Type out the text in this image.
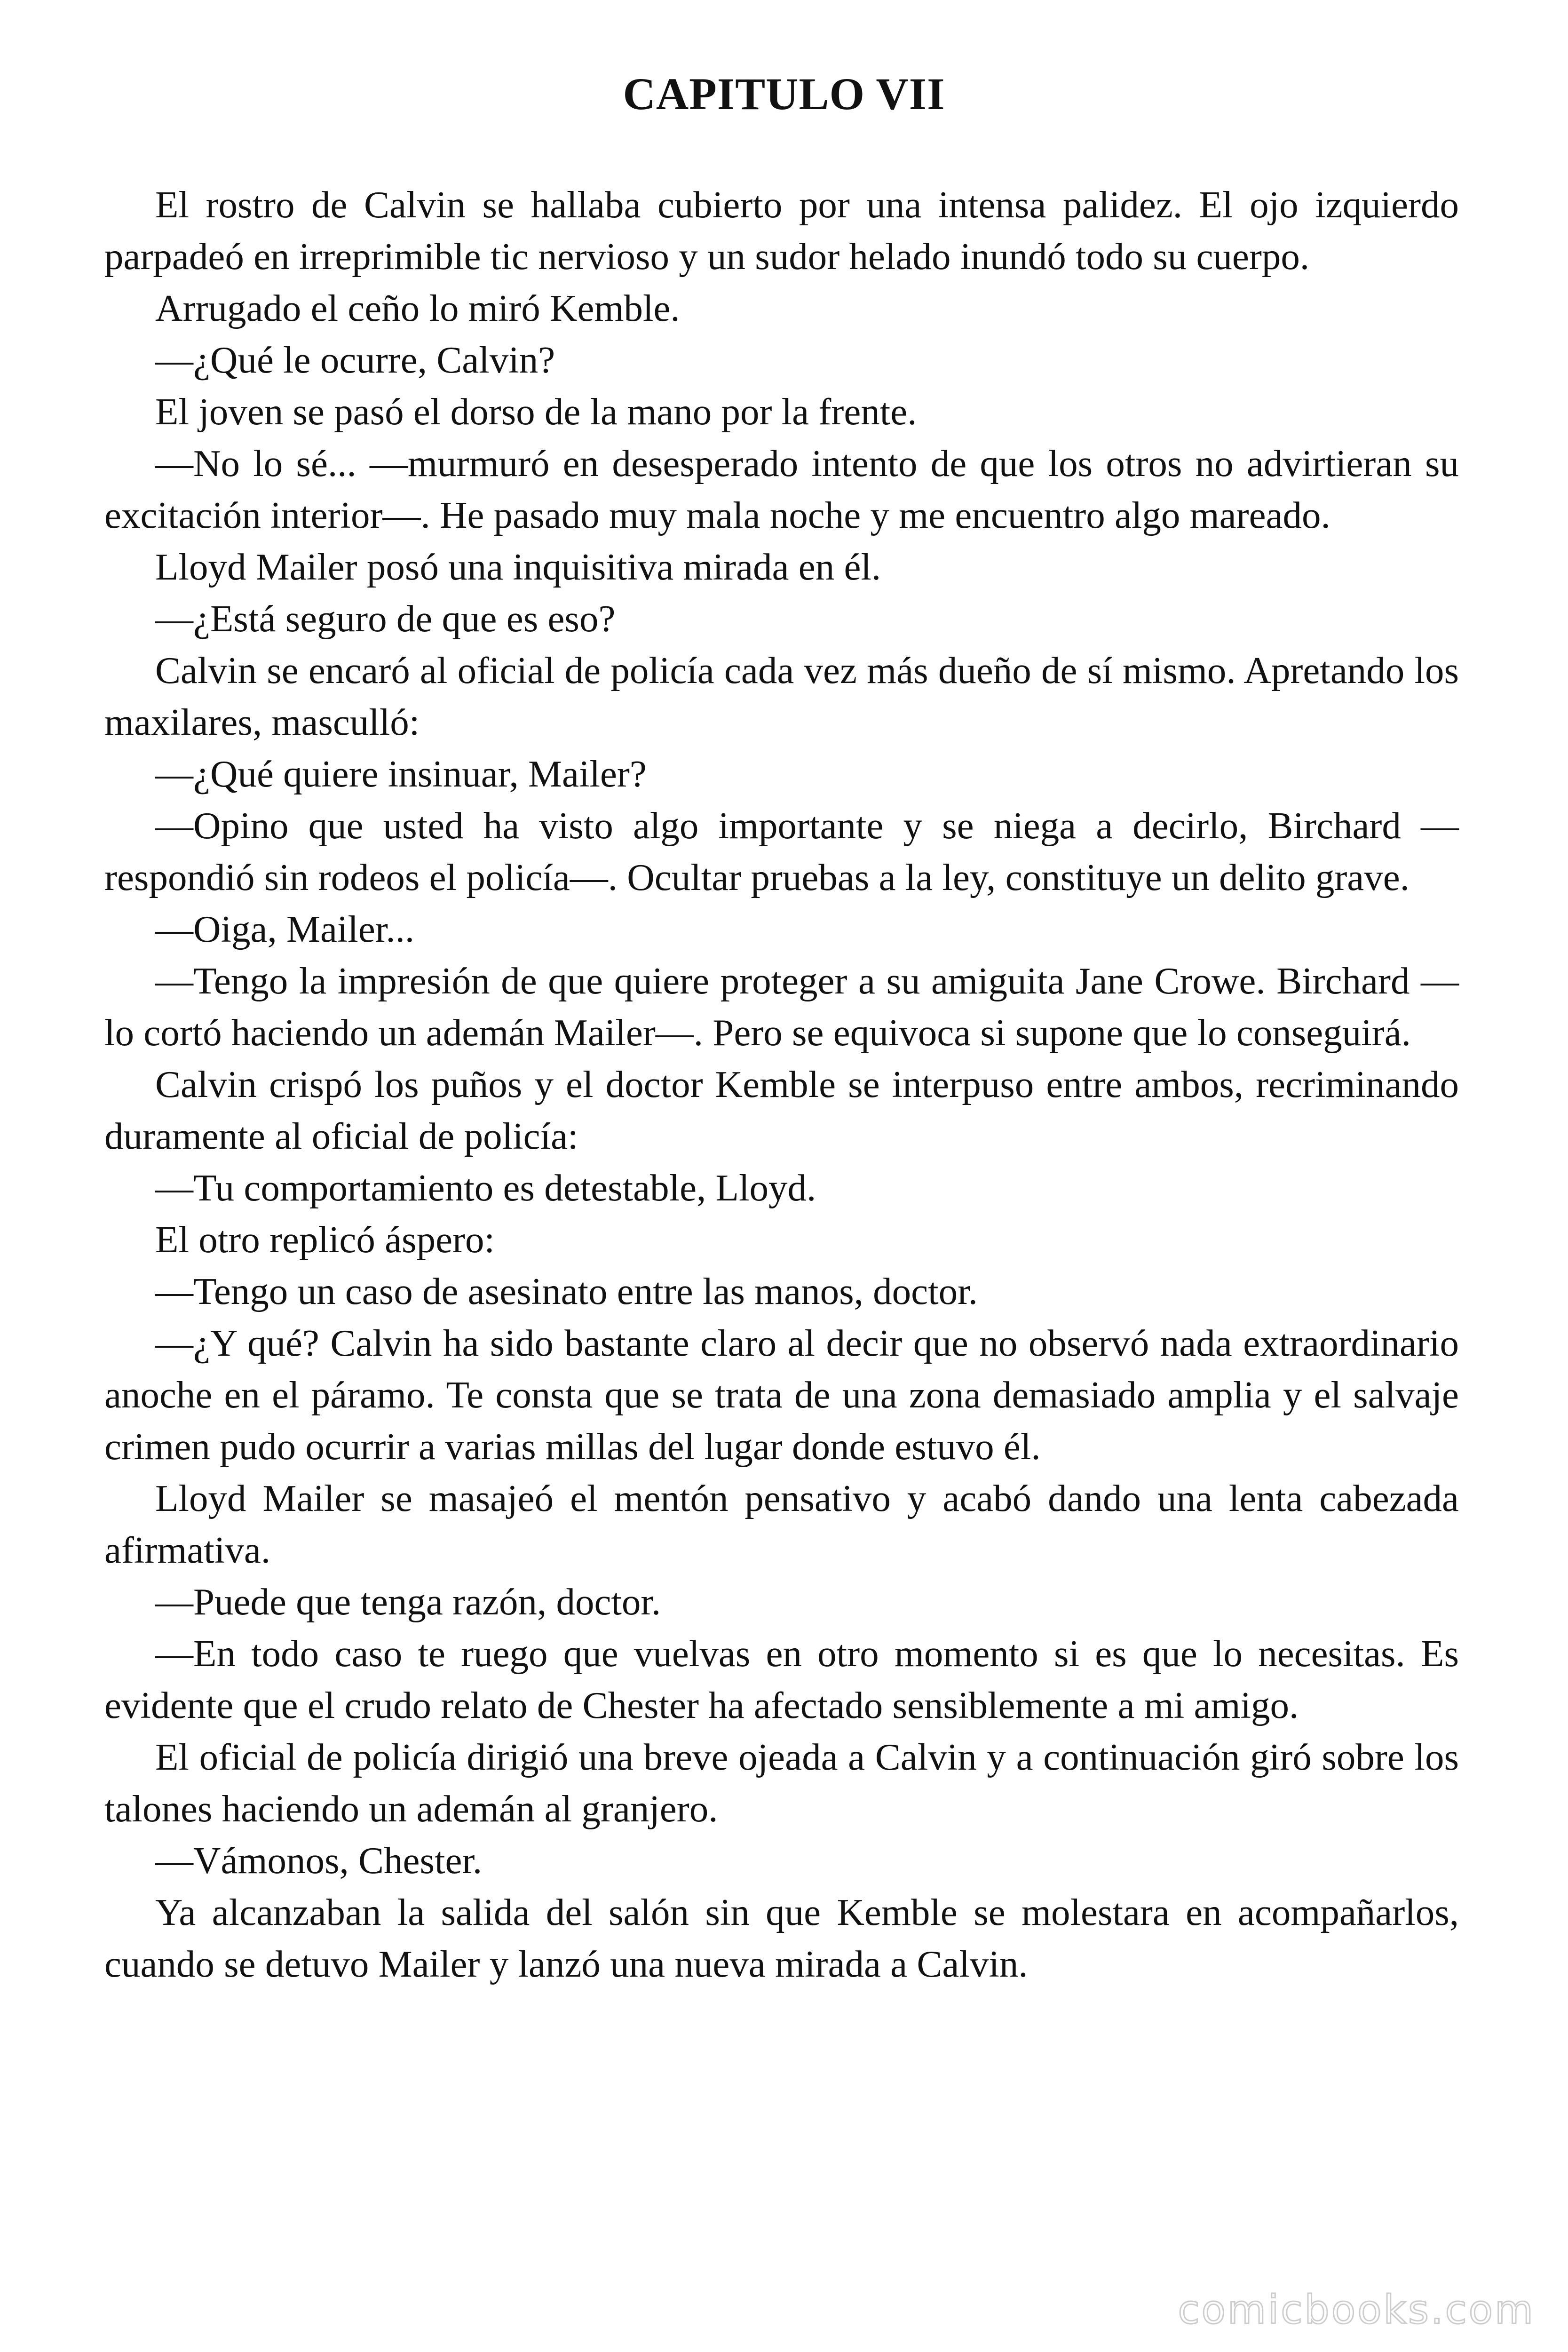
CAPITULO VII

El rostro de Calvin se hallaba cubierto por una intensa palidez. El ojo izquierdo parpadeó en irreprimible tic nervioso y un sudor helado inundó todo su cuerpo.

Arrugado el ceño lo miró Kemble.

—¿Qué le ocurre, Calvin?

El joven se pasó el dorso de la mano por la frente.

—No lo sé... —murmuró en desesperado intento de que los otros no advirtieran su excitación interior—. He pasado muy mala noche y me encuentro algo mareado.

Lloyd Mailer posó una inquisitiva mirada en él.

—¿Está seguro de que es eso?

Calvin se encaró al oficial de policía cada vez más dueño de sí mismo. Apretando los maxilares, masculló:

—¿Qué quiere insinuar, Mailer?

—Opino que usted ha visto algo importante y se niega a decirlo, Birchard —respondió sin rodeos el policía—. Ocultar pruebas a la ley, constituye un delito grave.

—Oiga, Mailer...

—Tengo la impresión de que quiere proteger a su amiguita Jane Crowe. Birchard —lo cortó haciendo un ademán Mailer—. Pero se equivoca si supone que lo conseguirá.

Calvin crispó los puños y el doctor Kemble se interpuso entre ambos, recriminando duramente al oficial de policía:

—Tu comportamiento es detestable, Lloyd.

El otro replicó áspero:

—Tengo un caso de asesinato entre las manos, doctor.

—¿Y qué? Calvin ha sido bastante claro al decir que no observó nada extraordinario anoche en el páramo. Te consta que se trata de una zona demasiado amplia y el salvaje crimen pudo ocurrir a varias millas del lugar donde estuvo él.

Lloyd Mailer se masajeó el mentón pensativo y acabó dando una lenta cabezada afirmativa.

—Puede que tenga razón, doctor.

—En todo caso te ruego que vuelvas en otro momento si es que lo necesitas. Es evidente que el crudo relato de Chester ha afectado sensiblemente a mi amigo.

El oficial de policía dirigió una breve ojeada a Calvin y a continuación giró sobre los talones haciendo un ademán al granjero.

—Vámonos, Chester.

Ya alcanzaban la salida del salón sin que Kemble se molestara en acompañarlos, cuando se detuvo Mailer y lanzó una nueva mirada a Calvin.

comicbooks.com
